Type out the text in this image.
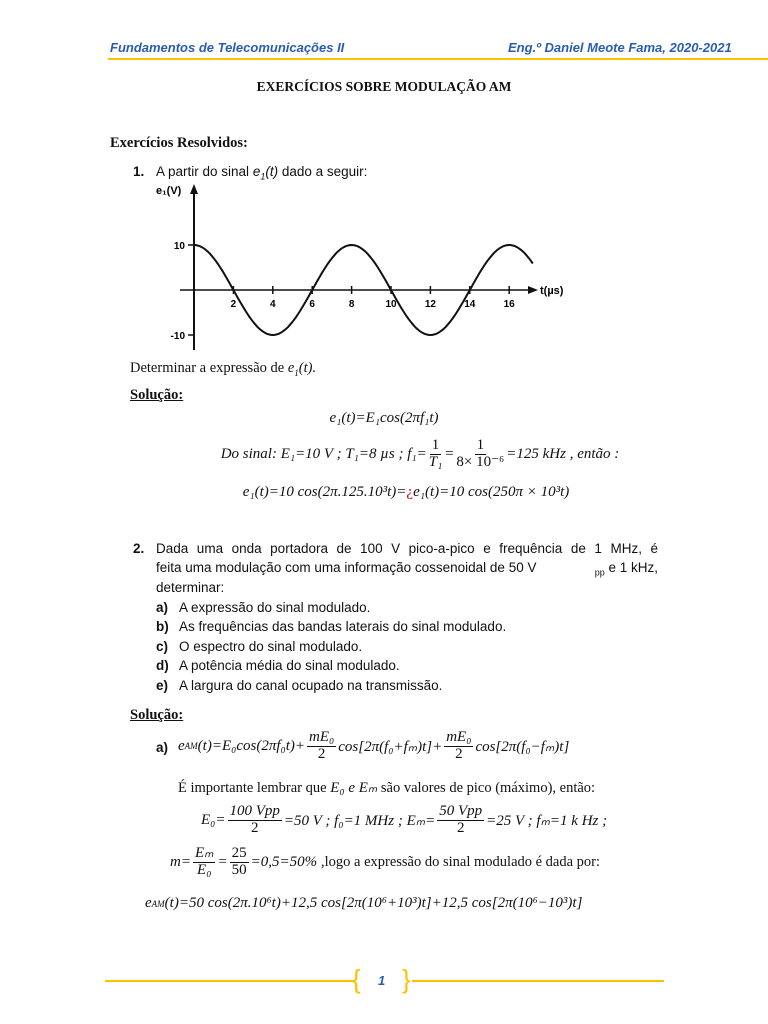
Fundamentos de Telecomunicações II	Eng.º Daniel Meote Fama, 2020-2021
EXERCÍCIOS SOBRE MODULAÇÃO AM
Exercícios Resolvidos:
1. A partir do sinal $e_1(t)$ dado a seguir:
e₁(V)
t(µs)
2	4	6	8	10	12	14	16
10
-10
Determinar a expressão de $e_1(t)$.
Solução:
e₁(t)=E₁cos(2πf₁t)
Do sinal: E₁=10 V ; T₁=8 µs ; $f_1= \frac{1}{\text{T₁}} = \frac{1}{\text{8× 10⁻⁶}} =125$ kHz , então :
e₁(t)=10 cos(2π.125.10³t)= ¿ e₁(t)=10 cos(250π × 10³t)
2. Dada uma onda portadora de 100 V pico-a-pico e frequência de 1 MHz, é
feita uma modulação com uma informação cossenoidal de 50 V	$_{pp}$ e 1 kHz,
determinar:
a) A expressão do sinal modulado.
b) As frequências das bandas laterais do sinal modulado.
c) O espectro do sinal modulado.
d) A potência média do sinal modulado.
e) A largura do canal ocupado na transmissão.
Solução:
a) e AM $(t)=E_0\cos(2\pi f_0t)+ \frac{\text{mE₀}}{2} \cos[2\pi(f_0+f_m)t]+ \frac{\text{mE₀}}{2} \cos[2\pi(f_0-f_m)t]$
É importante lembrar que E₀ e Eₘ são valores de pico (máximo), então:
$E_0= \frac{\text{100 Vpp}}{2} =50$ V ; f₀=1 MHz ; $E_m= \frac{\text{50 Vpp}}{2} =25$ V ; fₘ=1 k Hz ;
$m= \frac{\text{Eₘ}}{\text{E₀}} = \frac{25}{50} =0,5=50\%$ , logo a expressão do sinal modulado é dada por:
e AM (t)=50 cos(2π.10⁶t)+12,5 cos[2π(10⁶+10³)t]+12,5 cos[2π(10⁶−10³)t]
{ }
1
